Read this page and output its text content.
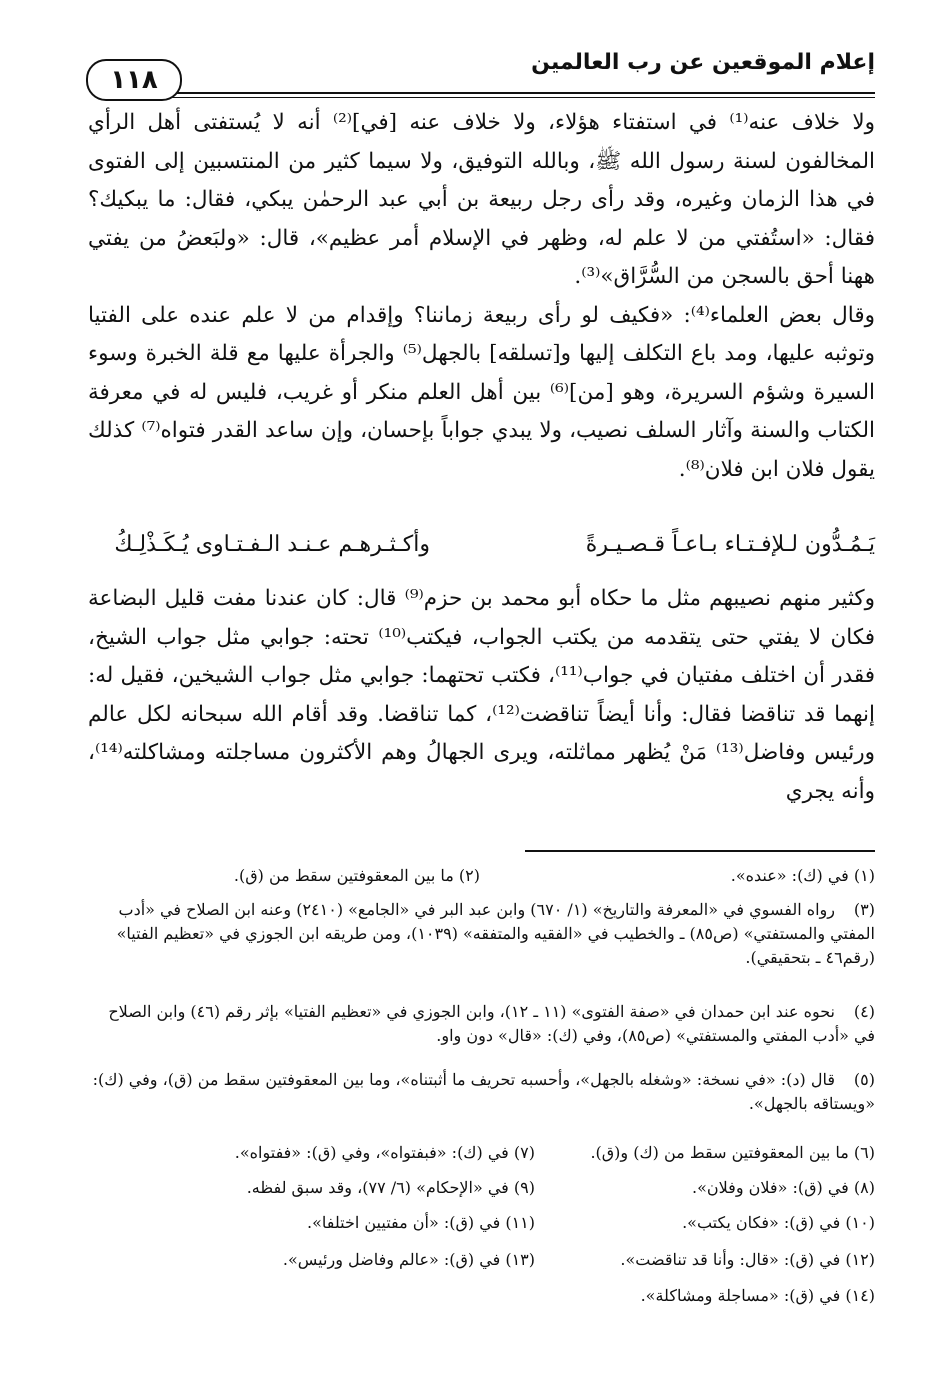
إعلام الموقعين عن رب العالمين
١١٨

ولا خلاف عنه⁽¹⁾ في استفتاء هؤلاء، ولا خلاف عنه [في]⁽²⁾ أنه لا يُستفتى أهل الرأي المخالفون لسنة رسول الله ﷺ، وبالله التوفيق، ولا سيما كثير من المنتسبين إلى الفتوى في هذا الزمان وغيره، وقد رأى رجل ربيعة بن أبي عبد الرحمٰن يبكي، فقال: ما يبكيك؟ فقال: «استُفتي من لا علم له، وظهر في الإسلام أمر عظيم»، قال: «ولبَعضُ من يفتي ههنا أحق بالسجن من السُّرَّاق»⁽³⁾.

وقال بعض العلماء⁽⁴⁾: «فكيف لو رأى ربيعة زماننا؟ وإقدام من لا علم عنده على الفتيا وتوثبه عليها، ومد باع التكلف إليها و[تسلقه] بالجهل⁽⁵⁾ والجرأة عليها مع قلة الخبرة وسوء السيرة وشؤم السريرة، وهو [من]⁽⁶⁾ بين أهل العلم منكر أو غريب، فليس له في معرفة الكتاب والسنة وآثار السلف نصيب، ولا يبدي جواباً بإحسان، وإن ساعد القدر فتواه⁽⁷⁾ كذلك يقول فلان ابن فلان⁽⁸⁾.

يَـمُـدُّون لـلإفـتـاء بـاعـاً قـصـيـرةً
وأكـثـرهـم عـنـد الـفـتـاوى يُـكَـذْلِـكُ

وكثير منهم نصيبهم مثل ما حكاه أبو محمد بن حزم⁽⁹⁾ قال: كان عندنا مفت قليل البضاعة فكان لا يفتي حتى يتقدمه من يكتب الجواب، فيكتب⁽¹⁰⁾ تحته: جوابي مثل جواب الشيخ، فقدر أن اختلف مفتيان في جواب⁽¹¹⁾، فكتب تحتهما: جوابي مثل جواب الشيخين، فقيل له: إنهما قد تناقضا فقال: وأنا أيضاً تناقضت⁽¹²⁾، كما تناقضا. وقد أقام الله سبحانه لكل عالم ورئيس وفاضل⁽¹³⁾ مَنْ يُظهر مماثلته، ويرى الجهالُ وهم الأكثرون مساجلته ومشاكلته⁽¹⁴⁾، وأنه يجري

(١) في (ك): «عنده».
(٢) ما بين المعقوفتين سقط من (ق).
(٣)رواه الفسوي في «المعرفة والتاريخ» (١/ ٦٧٠) وابن عبد البر في «الجامع» (٢٤١٠) وعنه ابن الصلاح في «أدب المفتي والمستفتي» (ص٨٥) ـ والخطيب في «الفقيه والمتفقه» (١٠٣٩)، ومن طريقه ابن الجوزي في «تعظيم الفتيا» (رقم٤٦ ـ بتحقيقي).
(٤)نحوه عند ابن حمدان في «صفة الفتوى» (١١ ـ ١٢)، وابن الجوزي في «تعظيم الفتيا» بإثر رقم (٤٦) وابن الصلاح في «أدب المفتي والمستفتي» (ص٨٥)، وفي (ك): «قال» دون واو.
(٥)قال (د): «في نسخة: «وشغله بالجهل»، وأحسبه تحريف ما أثبتناه»، وما بين المعقوفتين سقط من (ق)، وفي (ك): «ويستاقه بالجهل».
(٦) ما بين المعقوفتين سقط من (ك) و(ق).
(٧) في (ك): «فبفتواه»، وفي (ق): «ففتواه».
(٨) في (ق): «فلان وفلان».
(٩) في «الإحكام» (٦/ ٧٧)، وقد سبق لفظه.
(١٠) في (ق): «فكان يكتب».
(١١) في (ق): «أن مفتيين اختلفا».
(١٢) في (ق): «قال: وأنا قد تناقضت».
(١٣) في (ق): «عالم وفاضل ورئيس».
(١٤) في (ق): «مساجلة ومشاكلة».
